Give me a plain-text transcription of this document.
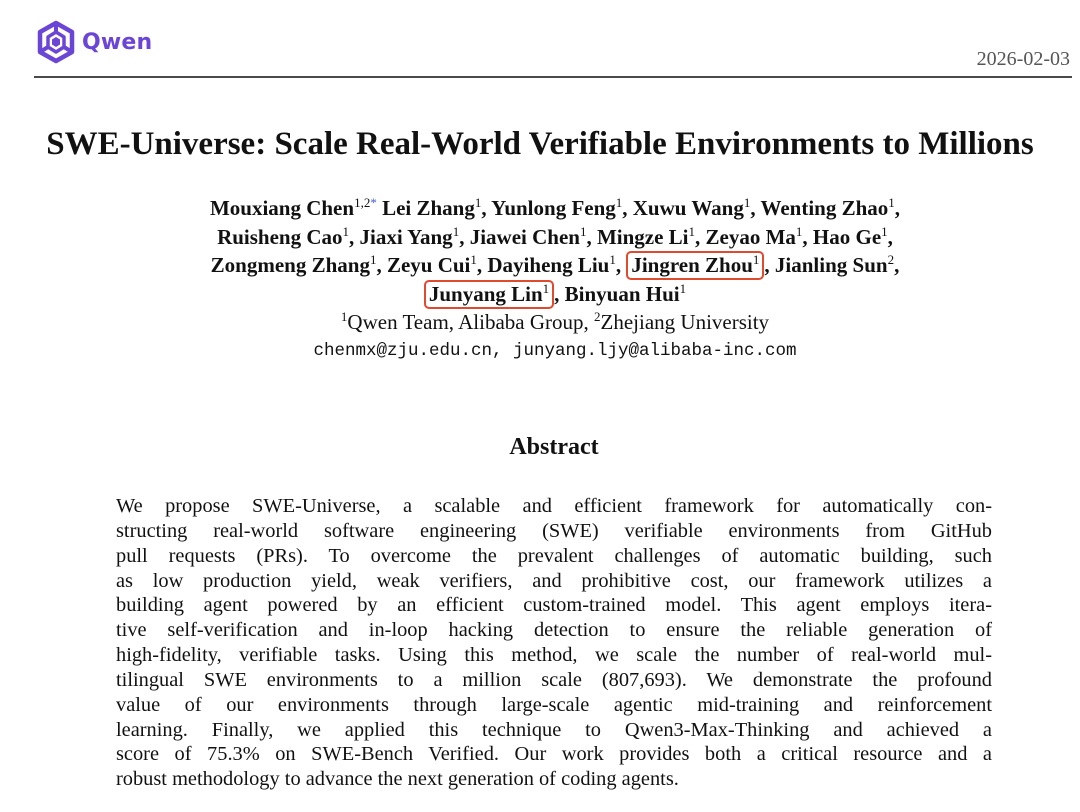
Qwen
2026-02-03
SWE-Universe: Scale Real-World Verifiable Environments to Millions
Mouxiang Chen$^{1,2*}$ Lei Zhang$^1$, Yunlong Feng$^1$, Xuwu Wang$^1$, Wenting Zhao$^1$,
Ruisheng Cao$^1$, Jiaxi Yang$^1$, Jiawei Chen$^1$, Mingze Li$^1$, Zeyao Ma$^1$, Hao Ge$^1$,
Zongmeng Zhang$^1$, Zeyu Cui$^1$, Dayiheng Liu$^1$, Jingren Zhou$^1$ , Jianling Sun$^2$,
Junyang Lin$^1$ , Binyuan Hui$^1$
$^1$Qwen Team, Alibaba Group, $^2$Zhejiang University
chenmx@zju.edu.cn, junyang.ljy@alibaba-inc.com
Abstract
We propose SWE-Universe, a scalable and efficient framework for automatically con-
structing real-world software engineering (SWE) verifiable environments from GitHub
pull requests (PRs). To overcome the prevalent challenges of automatic building, such
as low production yield, weak verifiers, and prohibitive cost, our framework utilizes a
building agent powered by an efficient custom-trained model. This agent employs itera-
tive self-verification and in-loop hacking detection to ensure the reliable generation of
high-fidelity, verifiable tasks. Using this method, we scale the number of real-world mul-
tilingual SWE environments to a million scale (807,693). We demonstrate the profound
value of our environments through large-scale agentic mid-training and reinforcement
learning. Finally, we applied this technique to Qwen3-Max-Thinking and achieved a
score of 75.3% on SWE-Bench Verified. Our work provides both a critical resource and a
robust methodology to advance the next generation of coding agents.
